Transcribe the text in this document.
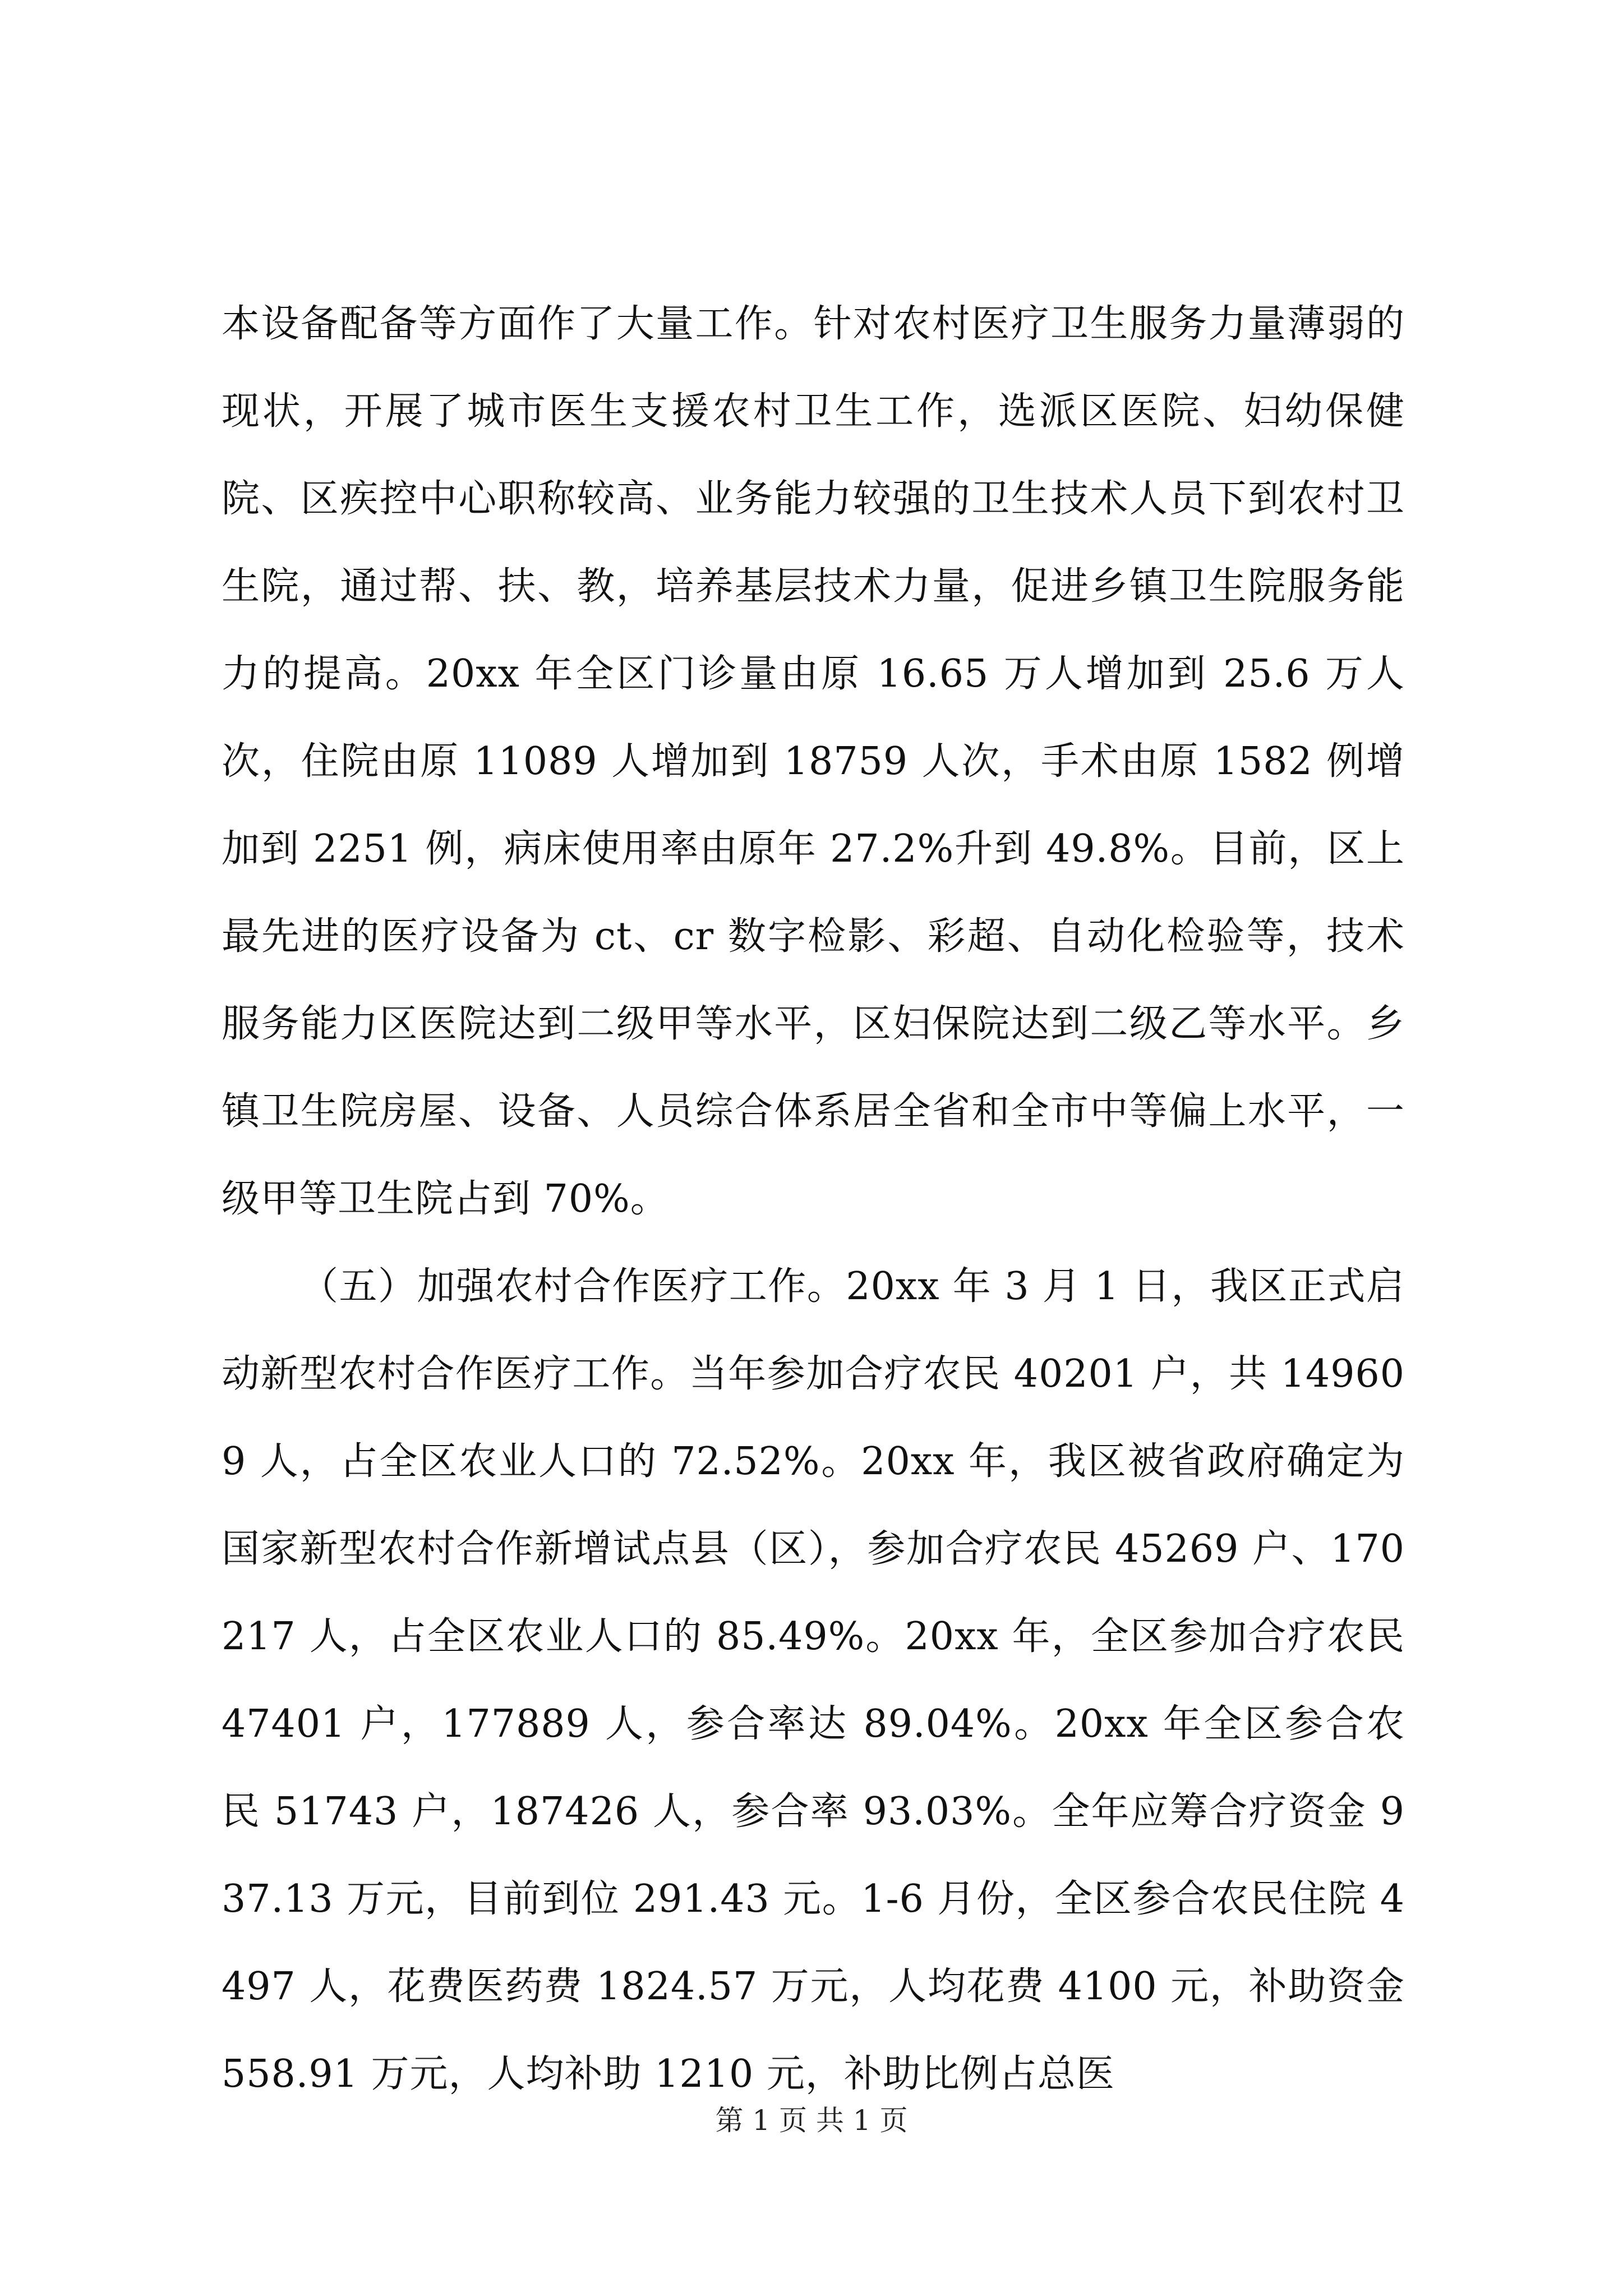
本设备配备等方面作了大量工作。针对农村医疗卫生服务力量薄弱的现状，开展了城市医生支援农村卫生工作，选派区医院、妇幼保健院、区疾控中心职称较高、业务能力较强的卫生技术人员下到农村卫生院，通过帮、扶、教，培养基层技术力量，促进乡镇卫生院服务能力的提高。20xx 年全区门诊量由原 16.65 万人增加到 25.6 万人次，住院由原 11089 人增加到 18759 人次，手术由原 1582 例增加到 2251 例，病床使用率由原年 27.2%升到 49.8%。目前，区上最先进的医疗设备为 ct、cr 数字检影、彩超、自动化检验等，技术服务能力区医院达到二级甲等水平，区妇保院达到二级乙等水平。乡镇卫生院房屋、设备、人员综合体系居全省和全市中等偏上水平，一级甲等卫生院占到 70%。

（五）加强农村合作医疗工作。20xx 年 3 月 1 日，我区正式启动新型农村合作医疗工作。当年参加合疗农民 40201 户，共 149609 人，占全区农业人口的 72.52%。20xx 年，我区被省政府确定为国家新型农村合作新增试点县（区），参加合疗农民 45269 户、170217 人，占全区农业人口的 85.49%。20xx 年，全区参加合疗农民 47401 户，177889 人，参合率达 89.04%。20xx 年全区参合农民 51743 户，187426 人，参合率 93.03%。全年应筹合疗资金 937.13 万元，目前到位 291.43 元。1-6 月份，全区参合农民住院 4497 人，花费医药费 1824.57 万元，人均花费 4100 元，补助资金 558.91 万元，人均补助 1210 元，补助比例占总医

第 1 页 共 1 页
